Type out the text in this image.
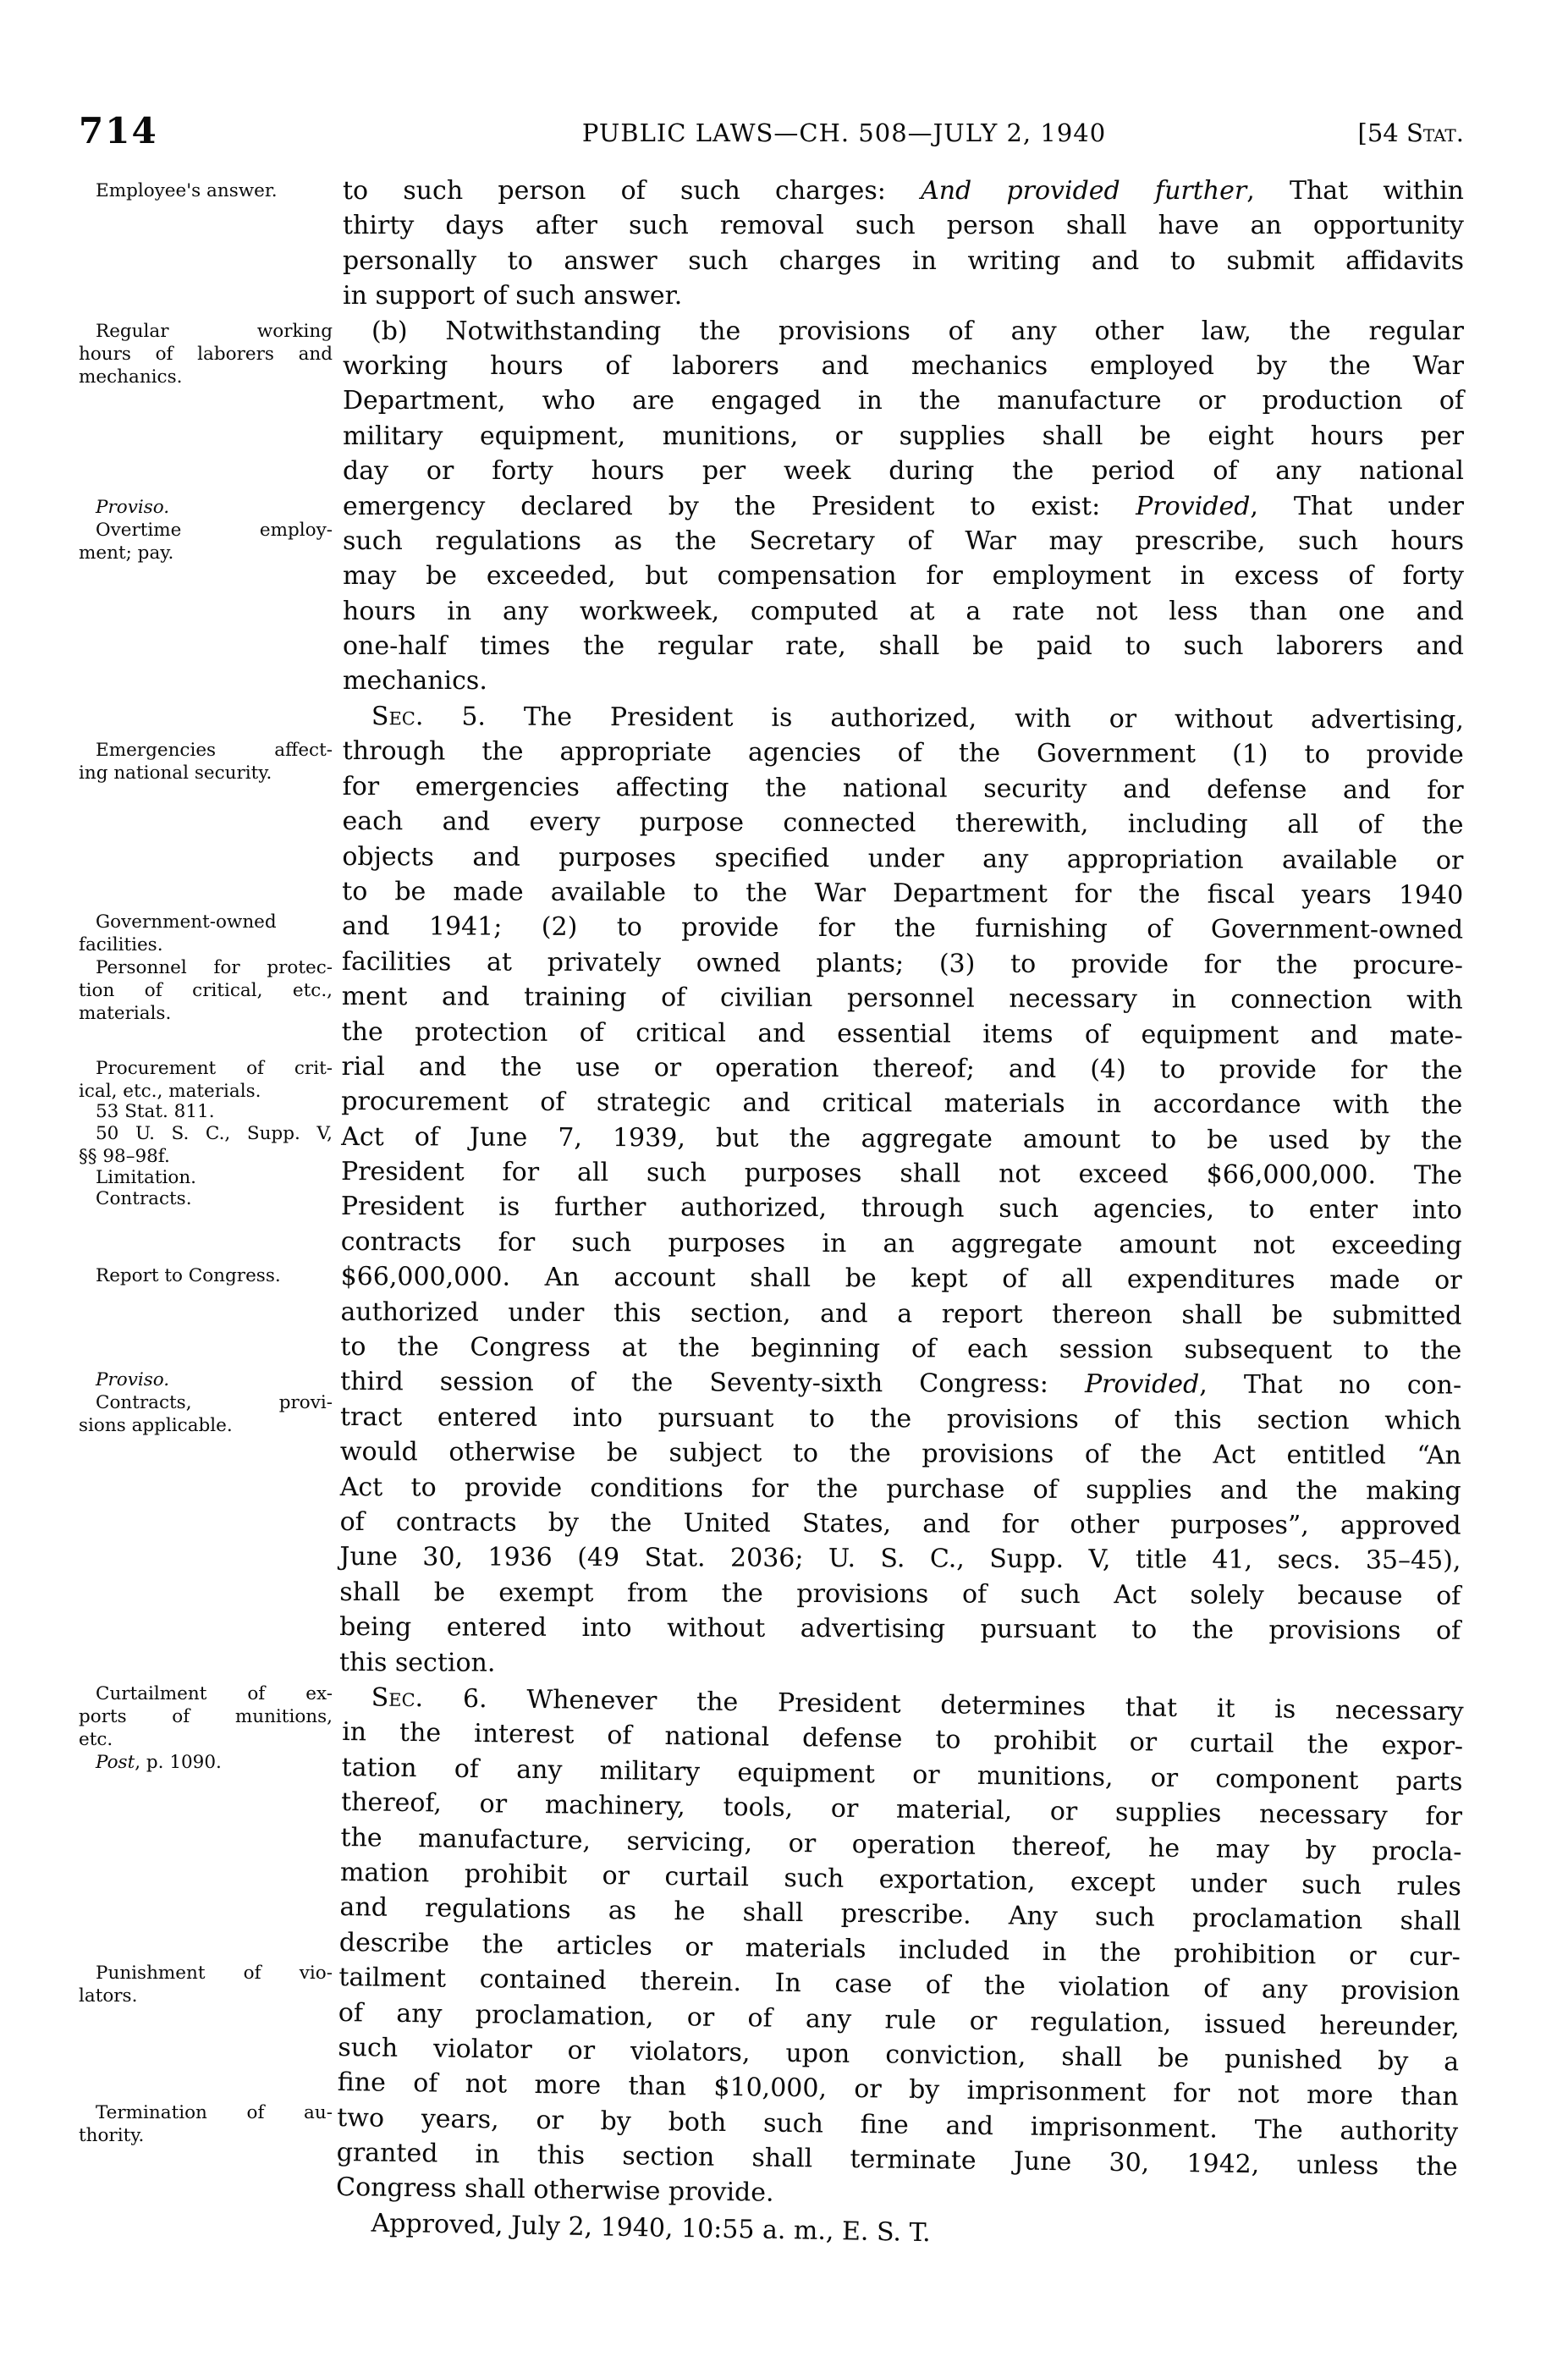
714	PUBLIC LAWS—CH. 508—JULY 2, 1940	[54 Stat.
Employee's answer.
Regular working
hours of laborers and
mechanics.
Proviso.
Overtime employ-
ment; pay.
Emergencies affect-
ing national security.
Government-owned
facilities.
Personnel for protec-
tion of critical, etc.,
materials.
Procurement of crit-
ical, etc., materials.
53 Stat. 811.
50 U. S. C., Supp. V,
§§ 98–98f.
Limitation.
Contracts.
Report to Congress.
Proviso.
Contracts, provi-
sions applicable.
Curtailment of ex-
ports of munitions,
etc.
Post, p. 1090.
Punishment of vio-
lators.
Termination of au-
thority.
to such person of such charges: And provided further, That within
thirty days after such removal such person shall have an opportunity
personally to answer such charges in writing and to submit affidavits
in support of such answer.
(b) Notwithstanding the provisions of any other law, the regular
working hours of laborers and mechanics employed by the War
Department, who are engaged in the manufacture or production of
military equipment, munitions, or supplies shall be eight hours per
day or forty hours per week during the period of any national
emergency declared by the President to exist: Provided, That under
such regulations as the Secretary of War may prescribe, such hours
may be exceeded, but compensation for employment in excess of forty
hours in any workweek, computed at a rate not less than one and
one-half times the regular rate, shall be paid to such laborers and
mechanics.
Sec. 5. The President is authorized, with or without advertising,
through the appropriate agencies of the Government (1) to provide
for emergencies affecting the national security and defense and for
each and every purpose connected therewith, including all of the
objects and purposes specified under any appropriation available or
to be made available to the War Department for the fiscal years 1940
and 1941; (2) to provide for the furnishing of Government-owned
facilities at privately owned plants; (3) to provide for the procure-
ment and training of civilian personnel necessary in connection with
the protection of critical and essential items of equipment and mate-
rial and the use or operation thereof; and (4) to provide for the
procurement of strategic and critical materials in accordance with the
Act of June 7, 1939, but the aggregate amount to be used by the
President for all such purposes shall not exceed $66,000,000. The
President is further authorized, through such agencies, to enter into
contracts for such purposes in an aggregate amount not exceeding
$66,000,000. An account shall be kept of all expenditures made or
authorized under this section, and a report thereon shall be submitted
to the Congress at the beginning of each session subsequent to the
third session of the Seventy-sixth Congress: Provided, That no con-
tract entered into pursuant to the provisions of this section which
would otherwise be subject to the provisions of the Act entitled “An
Act to provide conditions for the purchase of supplies and the making
of contracts by the United States, and for other purposes”, approved
June 30, 1936 (49 Stat. 2036; U. S. C., Supp. V, title 41, secs. 35–45),
shall be exempt from the provisions of such Act solely because of
being entered into without advertising pursuant to the provisions of
this section.
Sec. 6. Whenever the President determines that it is necessary
in the interest of national defense to prohibit or curtail the expor-
tation of any military equipment or munitions, or component parts
thereof, or machinery, tools, or material, or supplies necessary for
the manufacture, servicing, or operation thereof, he may by procla-
mation prohibit or curtail such exportation, except under such rules
and regulations as he shall prescribe. Any such proclamation shall
describe the articles or materials included in the prohibition or cur-
tailment contained therein. In case of the violation of any provision
of any proclamation, or of any rule or regulation, issued hereunder,
such violator or violators, upon conviction, shall be punished by a
fine of not more than $10,000, or by imprisonment for not more than
two years, or by both such fine and imprisonment. The authority
granted in this section shall terminate June 30, 1942, unless the
Congress shall otherwise provide.
Approved, July 2, 1940, 10:55 a. m., E. S. T.
